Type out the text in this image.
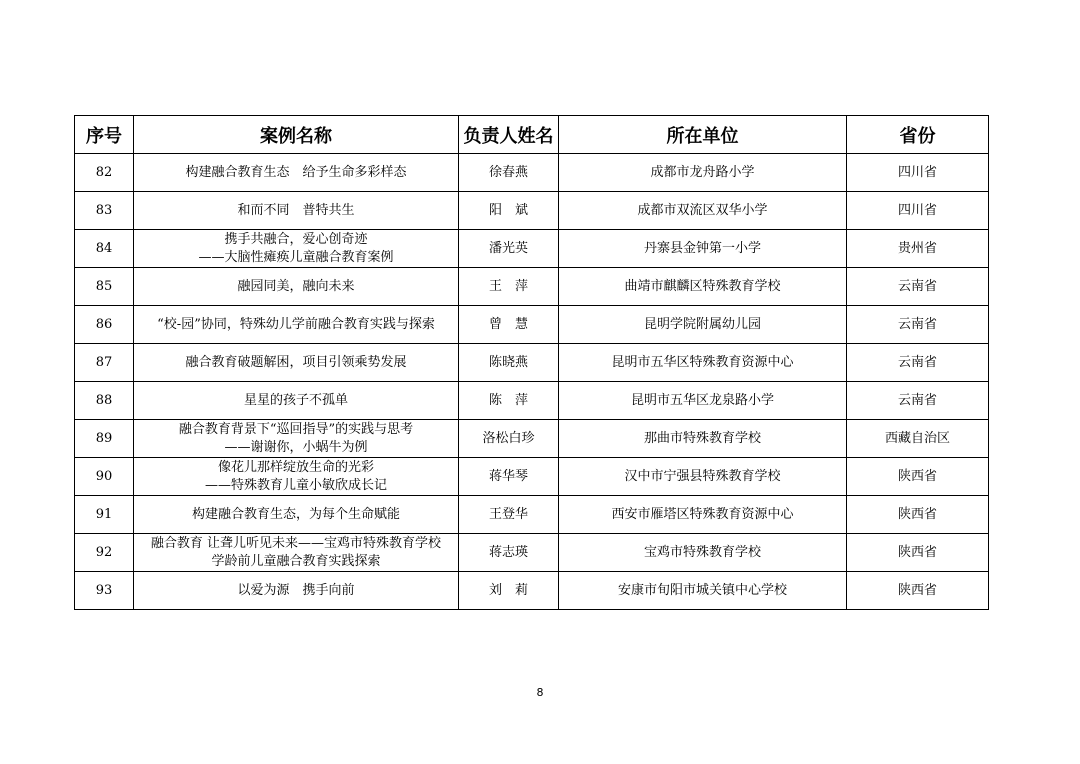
序号	案例名称	负责人姓名	所在单位	省份
82	构建融合教育生态　给予生命多彩样态	徐春燕	成都市龙舟路小学	四川省
83	和而不同　普特共生	阳　斌	成都市双流区双华小学	四川省
84	携手共融合，爱心创奇迹
——大脑性瘫痪儿童融合教育案例	潘光英	丹寨县金钟第一小学	贵州省
85	融园同美，融向未来	王　萍	曲靖市麒麟区特殊教育学校	云南省
86	“校-园”协同，特殊幼儿学前融合教育实践与探索	曾　慧	昆明学院附属幼儿园	云南省
87	融合教育破题解困，项目引领乘势发展	陈晓燕	昆明市五华区特殊教育资源中心	云南省
88	星星的孩子不孤单	陈　萍	昆明市五华区龙泉路小学	云南省
89	融合教育背景下“巡回指导”的实践与思考
——谢谢你，小蜗牛为例	洛松白珍	那曲市特殊教育学校	西藏自治区
90	像花儿那样绽放生命的光彩
——特殊教育儿童小敏欣成长记	蒋华琴	汉中市宁强县特殊教育学校	陕西省
91	构建融合教育生态，为每个生命赋能	王登华	西安市雁塔区特殊教育资源中心	陕西省
92	融合教育 让聋儿听见未来——宝鸡市特殊教育学校
学龄前儿童融合教育实践探索	蒋志瑛	宝鸡市特殊教育学校	陕西省
93	以爱为源　携手向前	刘　莉	安康市旬阳市城关镇中心学校	陕西省
8
